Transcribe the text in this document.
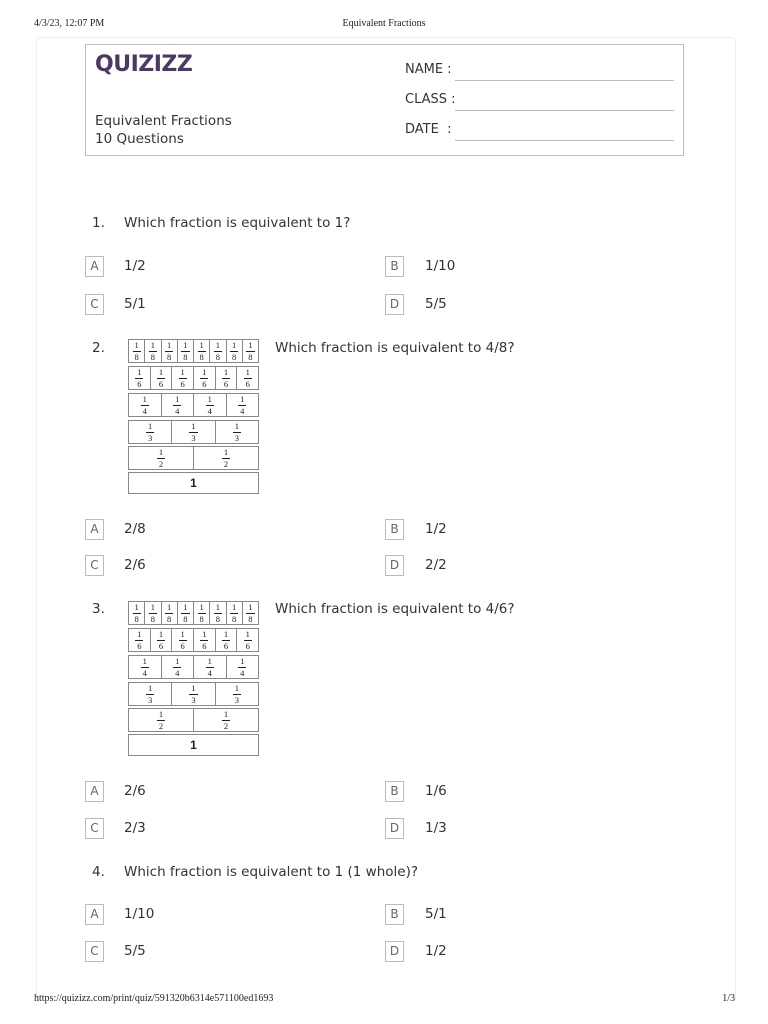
4/3/23, 12:07 PM	Equivalent Fractions
QUIZIZZ
Equivalent Fractions
10 Questions
NAME :
CLASS :
DATE  :
1. Which fraction is equivalent to 1?
A	1/2	B	1/10
C	5/1	D	5/5
2.	$\frac{1}{8} \frac{1}{8} \frac{1}{8} \frac{1}{8} \frac{1}{8} \frac{1}{8} \frac{1}{8} \frac{1}{8}$
$\frac{1}{6} \frac{1}{6} \frac{1}{6} \frac{1}{6} \frac{1}{6} \frac{1}{6}$
$\frac{1}{4} \frac{1}{4} \frac{1}{4} \frac{1}{4}$
$\frac{1}{3} \frac{1}{3} \frac{1}{3}$
$\frac{1}{2} \frac{1}{2}$
1
Which fraction is equivalent to 4/8?
A	2/8	B	1/2
C	2/6	D	2/2
3.	$\frac{1}{8} \frac{1}{8} \frac{1}{8} \frac{1}{8} \frac{1}{8} \frac{1}{8} \frac{1}{8} \frac{1}{8}$
$\frac{1}{6} \frac{1}{6} \frac{1}{6} \frac{1}{6} \frac{1}{6} \frac{1}{6}$
$\frac{1}{4} \frac{1}{4} \frac{1}{4} \frac{1}{4}$
$\frac{1}{3} \frac{1}{3} \frac{1}{3}$
$\frac{1}{2} \frac{1}{2}$
1
Which fraction is equivalent to 4/6?
A	2/6	B	1/6
C	2/3	D	1/3
4. Which fraction is equivalent to 1 (1 whole)?
A	1/10	B	5/1
C	5/5	D	1/2
https://quizizz.com/print/quiz/591320b6314e571100ed1693	1/3
